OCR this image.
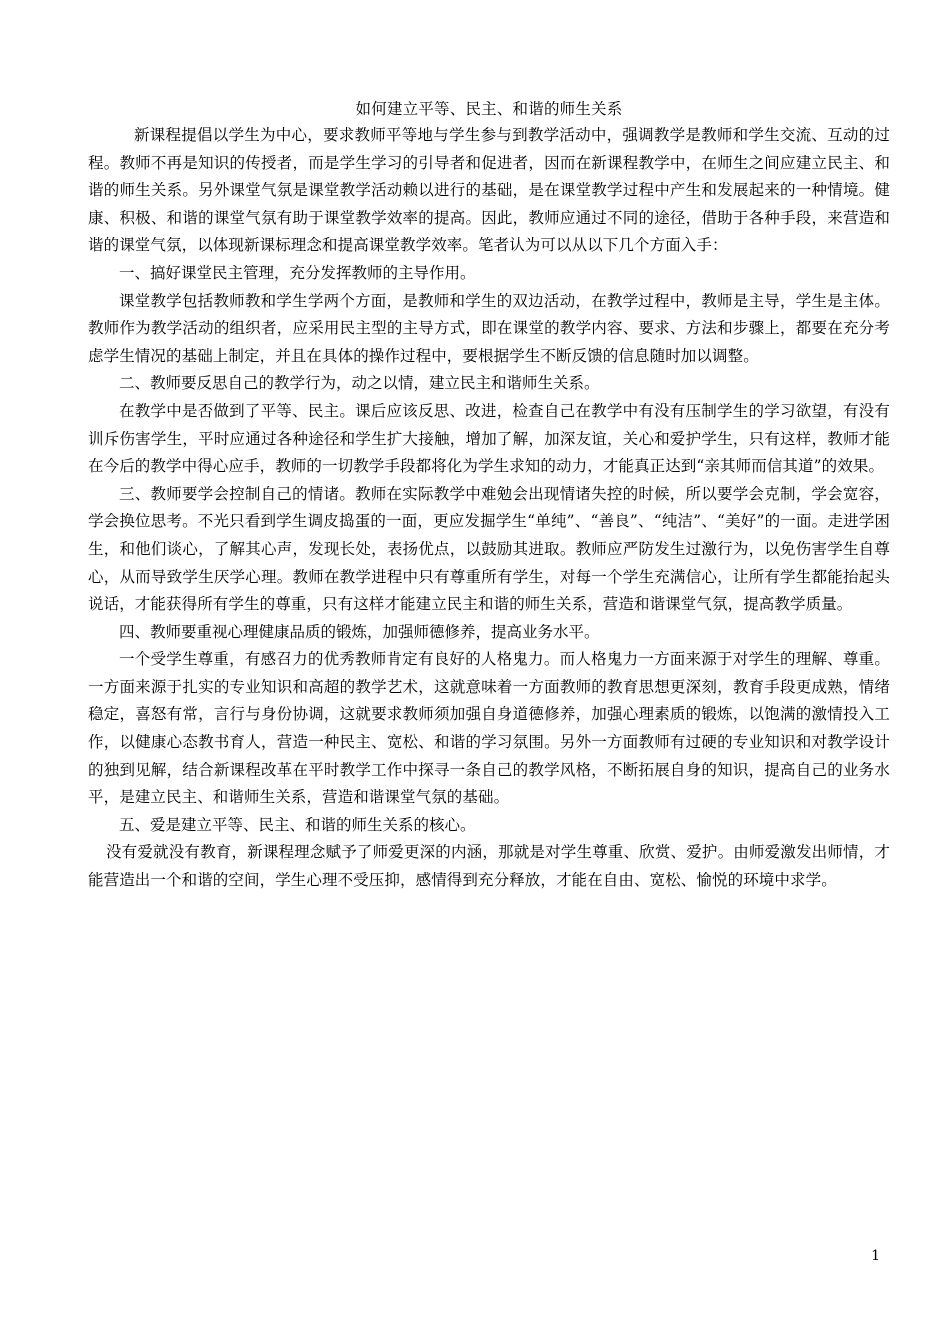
如何建立平等、民主、和谐的师生关系

新课程提倡以学生为中心，要求教师平等地与学生参与到教学活动中，强调教学是教师和学生交流、互动的过程。教师不再是知识的传授者，而是学生学习的引导者和促进者，因而在新课程教学中，在师生之间应建立民主、和谐的师生关系。另外课堂气氛是课堂教学活动赖以进行的基础，是在课堂教学过程中产生和发展起来的一种情境。健康、积极、和谐的课堂气氛有助于课堂教学效率的提高。因此，教师应通过不同的途径，借助于各种手段，来营造和谐的课堂气氛，以体现新课标理念和提高课堂教学效率。笔者认为可以从以下几个方面入手：

一、搞好课堂民主管理，充分发挥教师的主导作用。

课堂教学包括教师教和学生学两个方面，是教师和学生的双边活动，在教学过程中，教师是主导，学生是主体。教师作为教学活动的组织者，应采用民主型的主导方式，即在课堂的教学内容、要求、方法和步骤上，都要在充分考虑学生情况的基础上制定，并且在具体的操作过程中，要根据学生不断反馈的信息随时加以调整。

二、教师要反思自己的教学行为，动之以情，建立民主和谐师生关系。

在教学中是否做到了平等、民主。课后应该反思、改进，检查自己在教学中有没有压制学生的学习欲望，有没有训斥伤害学生，平时应通过各种途径和学生扩大接触，增加了解，加深友谊，关心和爱护学生，只有这样，教师才能在今后的教学中得心应手，教师的一切教学手段都将化为学生求知的动力，才能真正达到“亲其师而信其道”的效果。

三、教师要学会控制自己的情诸。教师在实际教学中难勉会出现情诸失控的时候，所以要学会克制，学会宽容，学会换位思考。不光只看到学生调皮捣蛋的一面，更应发掘学生“单纯”、“善良”、“纯洁”、“美好”的一面。走进学困生，和他们谈心，了解其心声，发现长处，表扬优点，以鼓励其进取。教师应严防发生过激行为，以免伤害学生自尊心，从而导致学生厌学心理。教师在教学进程中只有尊重所有学生，对每一个学生充满信心，让所有学生都能抬起头说话，才能获得所有学生的尊重，只有这样才能建立民主和谐的师生关系，营造和谐课堂气氛，提高教学质量。

四、教师要重视心理健康品质的锻炼，加强师德修养，提高业务水平。

一个受学生尊重，有感召力的优秀教师肯定有良好的人格鬼力。而人格鬼力一方面来源于对学生的理解、尊重。一方面来源于扎实的专业知识和高超的教学艺术，这就意味着一方面教师的教育思想更深刻，教育手段更成熟，情绪稳定，喜怒有常，言行与身份协调，这就要求教师须加强自身道德修养，加强心理素质的锻炼，以饱满的激情投入工作，以健康心态教书育人，营造一种民主、宽松、和谐的学习氛围。另外一方面教师有过硬的专业知识和对教学设计的独到见解，结合新课程改革在平时教学工作中探寻一条自己的教学风格，不断拓展自身的知识，提高自己的业务水平，是建立民主、和谐师生关系，营造和谐课堂气氛的基础。

五、爱是建立平等、民主、和谐的师生关系的核心。

没有爱就没有教育，新课程理念赋予了师爱更深的内涵，那就是对学生尊重、欣赏、爱护。由师爱激发出师情，才能营造出一个和谐的空间，学生心理不受压抑，感情得到充分释放，才能在自由、宽松、愉悦的环境中求学。

1
